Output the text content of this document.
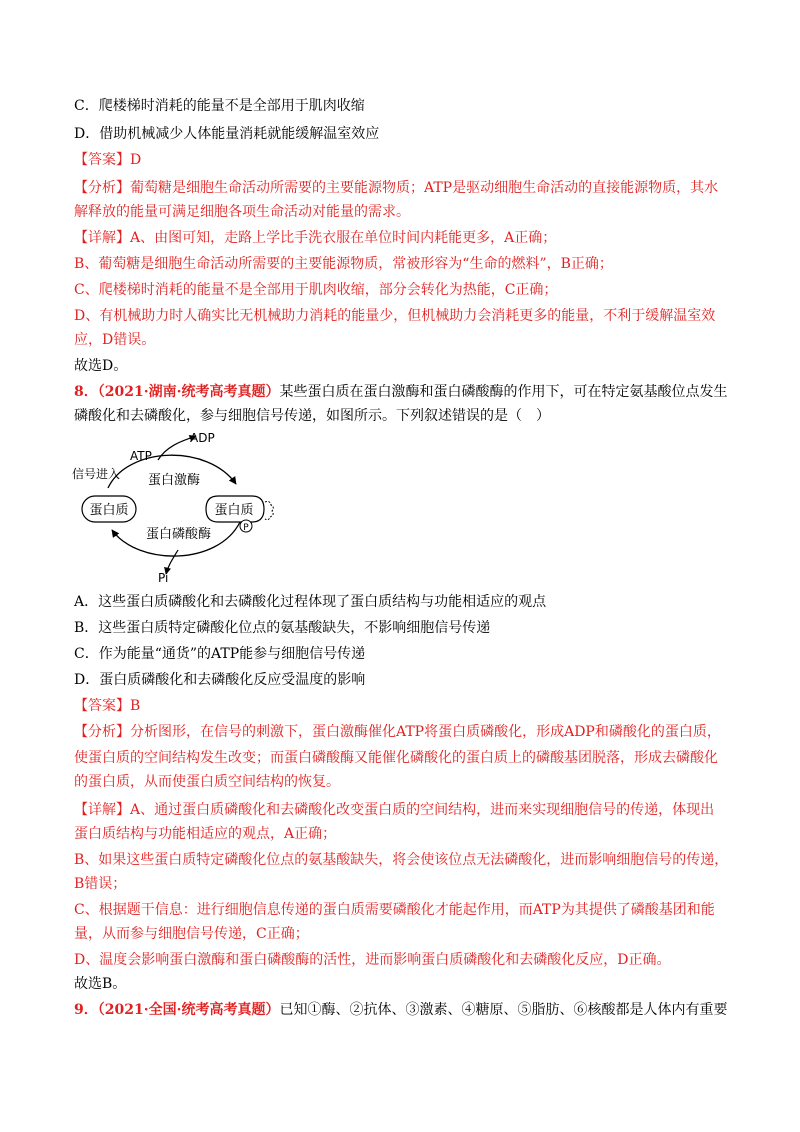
C．爬楼梯时消耗的能量不是全部用于肌肉收缩
D．借助机械减少人体能量消耗就能缓解温室效应
【答案】D
【分析】葡萄糖是细胞生命活动所需要的主要能源物质；ATP是驱动细胞生命活动的直接能源物质，其水
解释放的能量可满足细胞各项生命活动对能量的需求。
【详解】A、由图可知，走路上学比手洗衣服在单位时间内耗能更多，A正确；
B、葡萄糖是细胞生命活动所需要的主要能源物质，常被形容为“生命的燃料”，B正确；
C、爬楼梯时消耗的能量不是全部用于肌肉收缩，部分会转化为热能，C正确；
D、有机械助力时人确实比无机械助力消耗的能量少，但机械助力会消耗更多的能量，不利于缓解温室效
应，D错误。
故选D。
8．（2021·湖南·统考高考真题）某些蛋白质在蛋白激酶和蛋白磷酸酶的作用下，可在特定氨基酸位点发生
磷酸化和去磷酸化，参与细胞信号传递，如图所示。下列叙述错误的是（　）
蛋白质	蛋白质
P
ATP
ADP
信号进入 蛋白激酶
蛋白磷酸酶
Pi
A．这些蛋白质磷酸化和去磷酸化过程体现了蛋白质结构与功能相适应的观点
B．这些蛋白质特定磷酸化位点的氨基酸缺失，不影响细胞信号传递
C．作为能量“通货”的ATP能参与细胞信号传递
D．蛋白质磷酸化和去磷酸化反应受温度的影响
【答案】B
【分析】分析图形，在信号的刺激下，蛋白激酶催化ATP将蛋白质磷酸化，形成ADP和磷酸化的蛋白质，
使蛋白质的空间结构发生改变；而蛋白磷酸酶又能催化磷酸化的蛋白质上的磷酸基团脱落，形成去磷酸化
的蛋白质，从而使蛋白质空间结构的恢复。
【详解】A、通过蛋白质磷酸化和去磷酸化改变蛋白质的空间结构，进而来实现细胞信号的传递，体现出
蛋白质结构与功能相适应的观点，A正确；
B、如果这些蛋白质特定磷酸化位点的氨基酸缺失，将会使该位点无法磷酸化，进而影响细胞信号的传递，
B错误；
C、根据题干信息：进行细胞信息传递的蛋白质需要磷酸化才能起作用，而ATP为其提供了磷酸基团和能
量，从而参与细胞信号传递，C正确；
D、温度会影响蛋白激酶和蛋白磷酸酶的活性，进而影响蛋白质磷酸化和去磷酸化反应，D正确。
故选B。
9．（2021·全国·统考高考真题）已知①酶、②抗体、③激素、④糖原、⑤脂肪、⑥核酸都是人体内有重要
